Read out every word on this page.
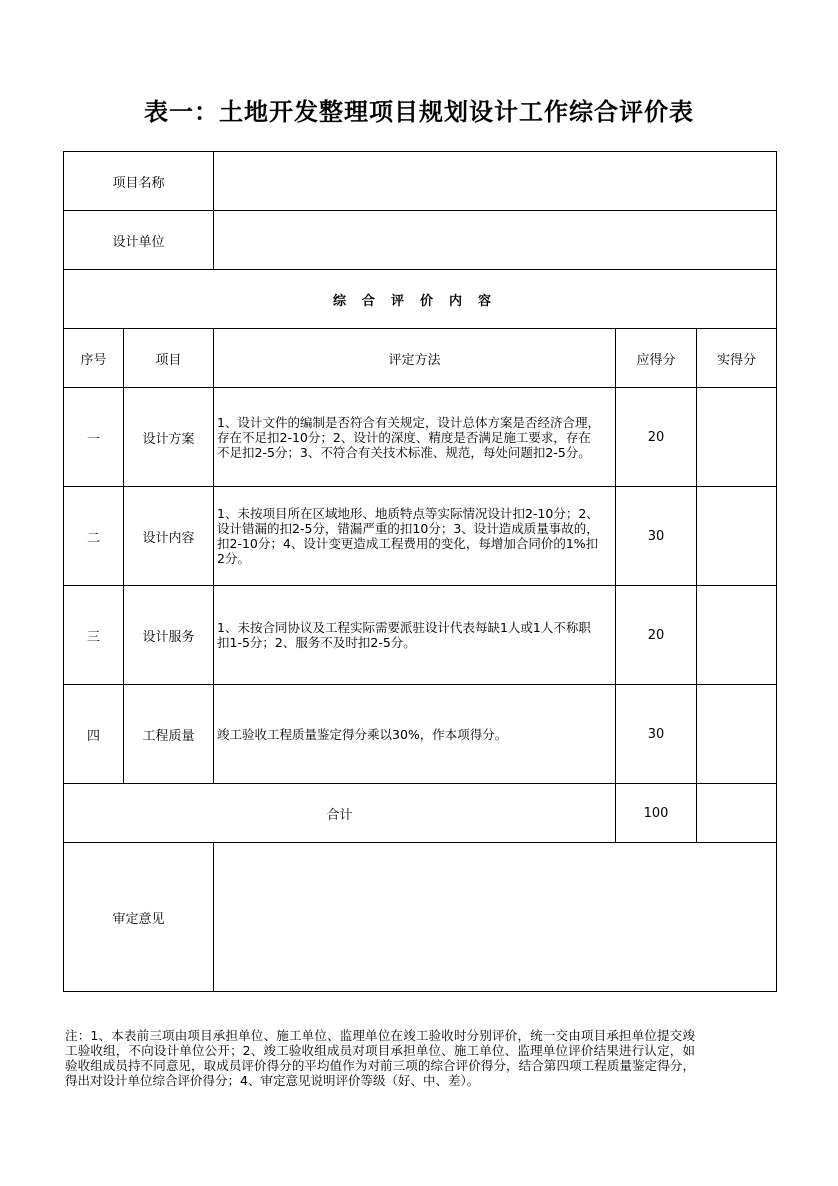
表一：土地开发整理项目规划设计工作综合评价表
项目名称				
设计单位				
综合评价内容				
序号	项目	评定方法	应得分	实得分
一	设计方案	1、设计文件的编制是否符合有关规定，设计总体方案是否经济合理，存在不足扣2-10分；2、设计的深度、精度是否满足施工要求，存在不足扣2-5分；3、不符合有关技术标准、规范，每处问题扣2-5分。	20	
二	设计内容	1、未按项目所在区域地形、地质特点等实际情况设计扣2-10分；2、设计错漏的扣2-5分，错漏严重的扣10分；3、设计造成质量事故的，扣2-10分；4、设计变更造成工程费用的变化，每增加合同价的1%扣2分。	30	
三	设计服务	1、未按合同协议及工程实际需要派驻设计代表每缺1人或1人不称职扣1-5分；2、服务不及时扣2-5分。	20	
四	工程质量	竣工验收工程质量鉴定得分乘以30%，作本项得分。	30	
合计			100	
审定意见				
注：1、本表前三项由项目承担单位、施工单位、监理单位在竣工验收时分别评价，统一交由项目承担单位提交竣工验收组，不向设计单位公开；2、竣工验收组成员对项目承担单位、施工单位、监理单位评价结果进行认定，如验收组成员持不同意见，取成员评价得分的平均值作为对前三项的综合评价得分，结合第四项工程质量鉴定得分，得出对设计单位综合评价得分；4、审定意见说明评价等级（好、中、差）。
